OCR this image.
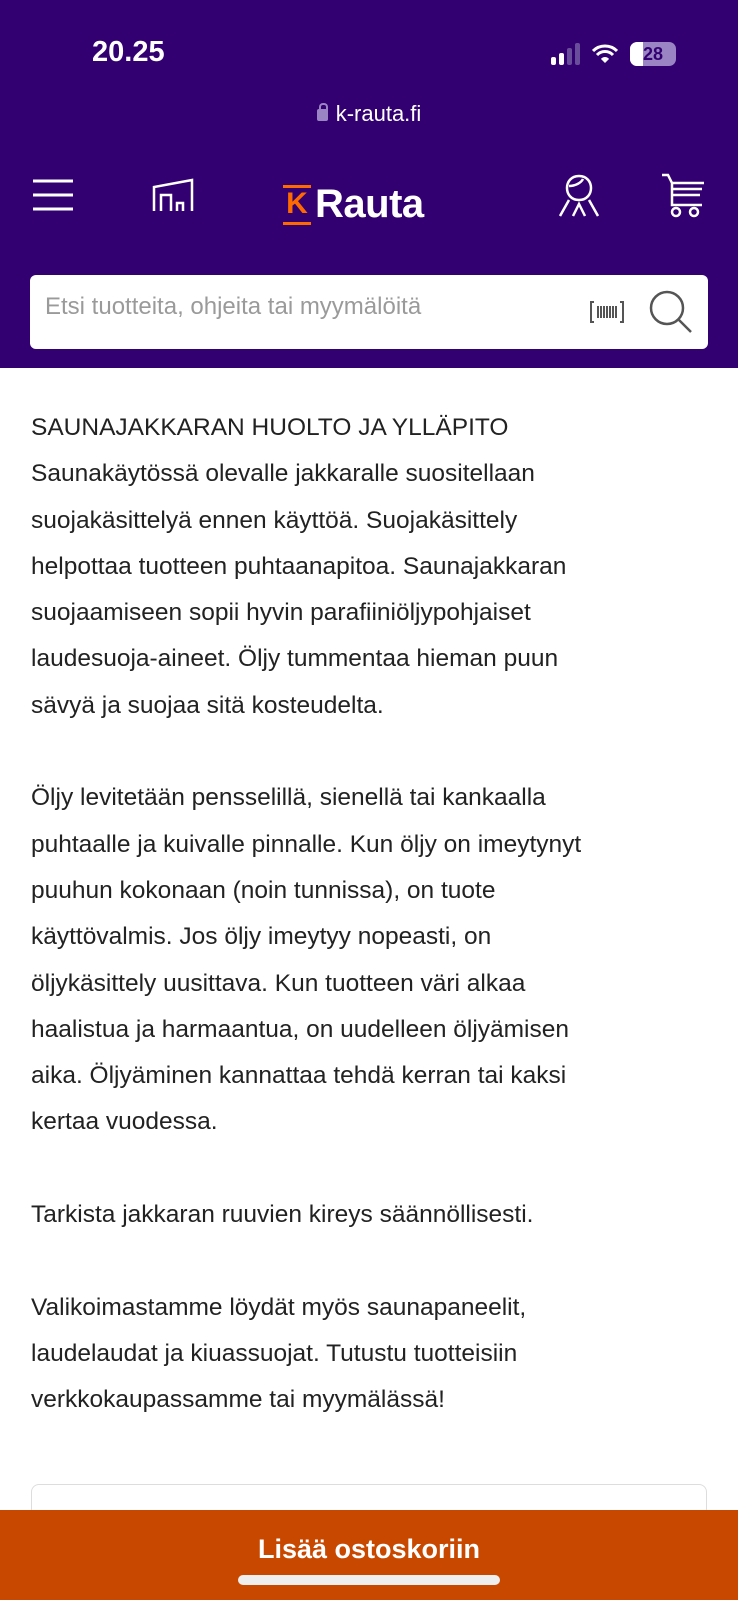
20.25	28
k-rauta.fi
K Rauta
Etsi tuotteita, ohjeita tai myymälöitä
SAUNAJAKKARAN HUOLTO JA YLLÄPITO

Saunakäytössä olevalle jakkaralle suositellaan
suojakäsittelyä ennen käyttöä. Suojakäsittely
helpottaa tuotteen puhtaanapitoa. Saunajakkaran
suojaamiseen sopii hyvin parafiiniöljypohjaiset
laudesuoja-aineet. Öljy tummentaa hieman puun
sävyä ja suojaa sitä kosteudelta.

Öljy levitetään pensselillä, sienellä tai kankaalla
puhtaalle ja kuivalle pinnalle. Kun öljy on imeytynyt
puuhun kokonaan (noin tunnissa), on tuote
käyttövalmis. Jos öljy imeytyy nopeasti, on
öljykäsittely uusittava. Kun tuotteen väri alkaa
haalistua ja harmaantua, on uudelleen öljyämisen
aika. Öljyäminen kannattaa tehdä kerran tai kaksi
kertaa vuodessa.

Tarkista jakkaran ruuvien kireys säännöllisesti.

Valikoimastamme löydät myös saunapaneelit,
laudelaudat ja kiuassuojat. Tutustu tuotteisiin
verkkokaupassamme tai myymälässä!

Lisää ostoskoriin
